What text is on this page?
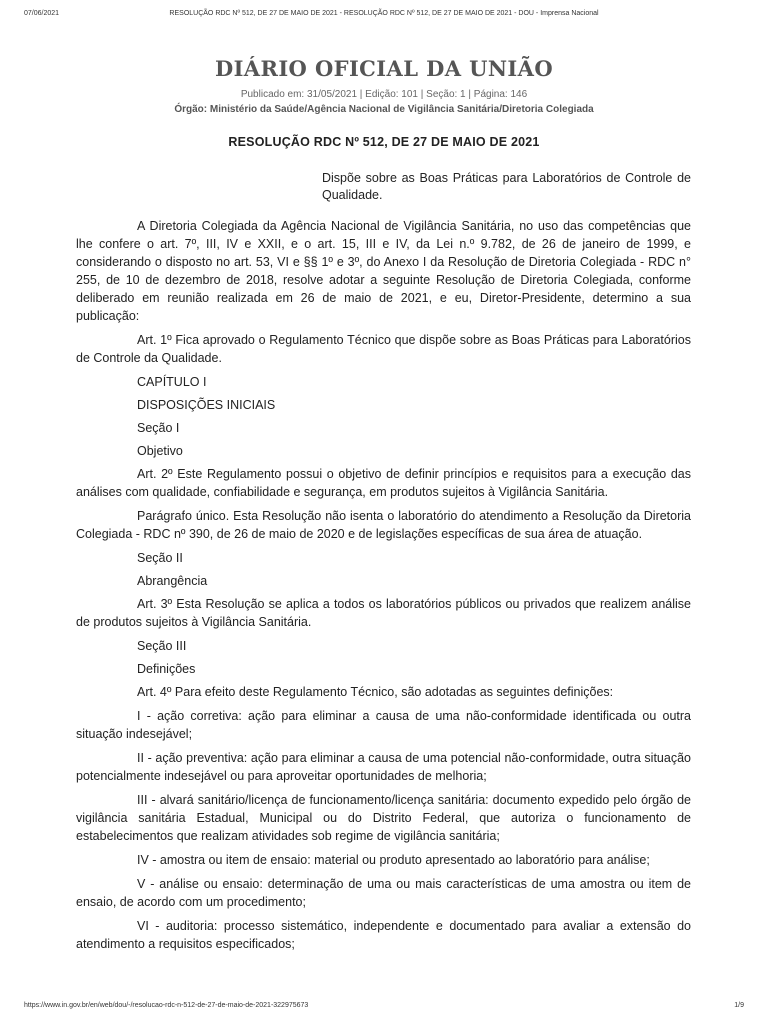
07/06/2021	RESOLUÇÃO RDC Nº 512, DE 27 DE MAIO DE 2021 - RESOLUÇÃO RDC Nº 512, DE 27 DE MAIO DE 2021 - DOU - Imprensa Nacional
DIÁRIO OFICIAL DA UNIÃO
Publicado em: 31/05/2021 | Edição: 101 | Seção: 1 | Página: 146
Órgão: Ministério da Saúde/Agência Nacional de Vigilância Sanitária/Diretoria Colegiada
RESOLUÇÃO RDC Nº 512, DE 27 DE MAIO DE 2021
Dispõe sobre as Boas Práticas para Laboratórios de Controle de Qualidade.

A Diretoria Colegiada da Agência Nacional de Vigilância Sanitária, no uso das competências que lhe confere o art. 7º, III, IV e XXII, e o art. 15, III e IV, da Lei n.º 9.782, de 26 de janeiro de 1999, e considerando o disposto no art. 53, VI e §§ 1º e 3º, do Anexo I da Resolução de Diretoria Colegiada - RDC n° 255, de 10 de dezembro de 2018, resolve adotar a seguinte Resolução de Diretoria Colegiada, conforme deliberado em reunião realizada em 26 de maio de 2021, e eu, Diretor-Presidente, determino a sua publicação:

Art. 1º Fica aprovado o Regulamento Técnico que dispõe sobre as Boas Práticas para Laboratórios de Controle da Qualidade.

CAPÍTULO I

DISPOSIÇÕES INICIAIS

Seção I

Objetivo

Art. 2º Este Regulamento possui o objetivo de definir princípios e requisitos para a execução das análises com qualidade, confiabilidade e segurança, em produtos sujeitos à Vigilância Sanitária.

Parágrafo único. Esta Resolução não isenta o laboratório do atendimento a Resolução da Diretoria Colegiada - RDC nº 390, de 26 de maio de 2020 e de legislações específicas de sua área de atuação.

Seção II

Abrangência

Art. 3º Esta Resolução se aplica a todos os laboratórios públicos ou privados que realizem análise de produtos sujeitos à Vigilância Sanitária.

Seção III

Definições

Art. 4º Para efeito deste Regulamento Técnico, são adotadas as seguintes definições:

I - ação corretiva: ação para eliminar a causa de uma não-conformidade identificada ou outra situação indesejável;

II - ação preventiva: ação para eliminar a causa de uma potencial não-conformidade, outra situação potencialmente indesejável ou para aproveitar oportunidades de melhoria;

III - alvará sanitário/licença de funcionamento/licença sanitária: documento expedido pelo órgão de vigilância sanitária Estadual, Municipal ou do Distrito Federal, que autoriza o funcionamento de estabelecimentos que realizam atividades sob regime de vigilância sanitária;

IV - amostra ou item de ensaio: material ou produto apresentado ao laboratório para análise;

V - análise ou ensaio: determinação de uma ou mais características de uma amostra ou item de ensaio, de acordo com um procedimento;

VI - auditoria: processo sistemático, independente e documentado para avaliar a extensão do atendimento a requisitos especificados;

https://www.in.gov.br/en/web/dou/-/resolucao-rdc-n-512-de-27-de-maio-de-2021-322975673	1/9
